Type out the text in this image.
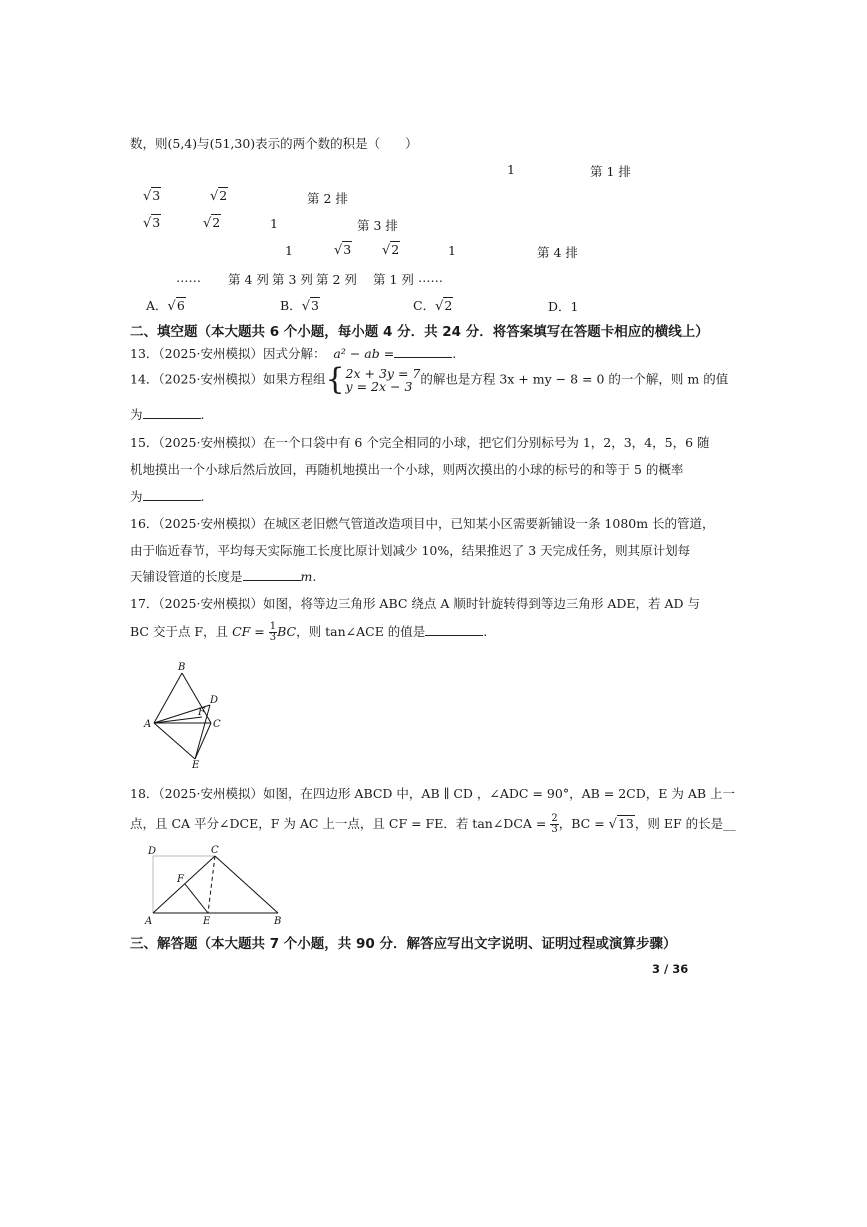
数，则(5,4)与(51,30)表示的两个数的积是（　　）
1	第 1 排
√3	√2	第 2 排
√3	√2	1	第 3 排
1	√3 √2	1	第 4 排
…… 第 4 列 第 3 列 第 2 列 第 1 列 ……
A．√6	B．√3	C．√2	D．1
二、填空题（本大题共 6 个小题，每小题 4 分．共 24 分．将答案填写在答题卡相应的横线上）
13．（2025·安州模拟）因式分解： a² − ab =	.
14．（2025·安州模拟）如果方程组{2x + 3y = 7
y = 2x − 3 的解也是方程 3x + my − 8 = 0 的一个解，则 m 的值
为	.
15．（2025·安州模拟）在一个口袋中有 6 个完全相同的小球，把它们分别标号为 1，2，3，4，5，6 随
机地摸出一个小球后然后放回，再随机地摸出一个小球，则两次摸出的小球的标号的和等于 5 的概率
为	.
16．（2025·安州模拟）在城区老旧燃气管道改造项目中，已知某小区需要新铺设一条 1080m 长的管道，
由于临近春节，平均每天实际施工长度比原计划减少 10%，结果推迟了 3 天完成任务，则其原计划每
天铺设管道的长度是	m.
17．（2025·安州模拟）如图，将等边三角形 ABC 绕点 A 顺时针旋转得到等边三角形 ADE，若 AD 与
BC 交于点 F，且 CF = $\frac{1}{3}$ BC，则 tan∠ACE 的值是	.
B
D
F
A	C
E
18．（2025·安州模拟）如图，在四边形 ABCD 中，AB ∥ CD ，∠ADC = 90°，AB = 2CD，E 为 AB 上一
点，且 CA 平分∠DCE，F 为 AC 上一点，且 CF = FE．若 tan∠DCA = $\frac{2}{3}$ ，BC = √13，则 EF 的长是__
D	C
F
A	E	B
三、解答题（本大题共 7 个小题，共 90 分．解答应写出文字说明、证明过程或演算步骤）
3 / 36
